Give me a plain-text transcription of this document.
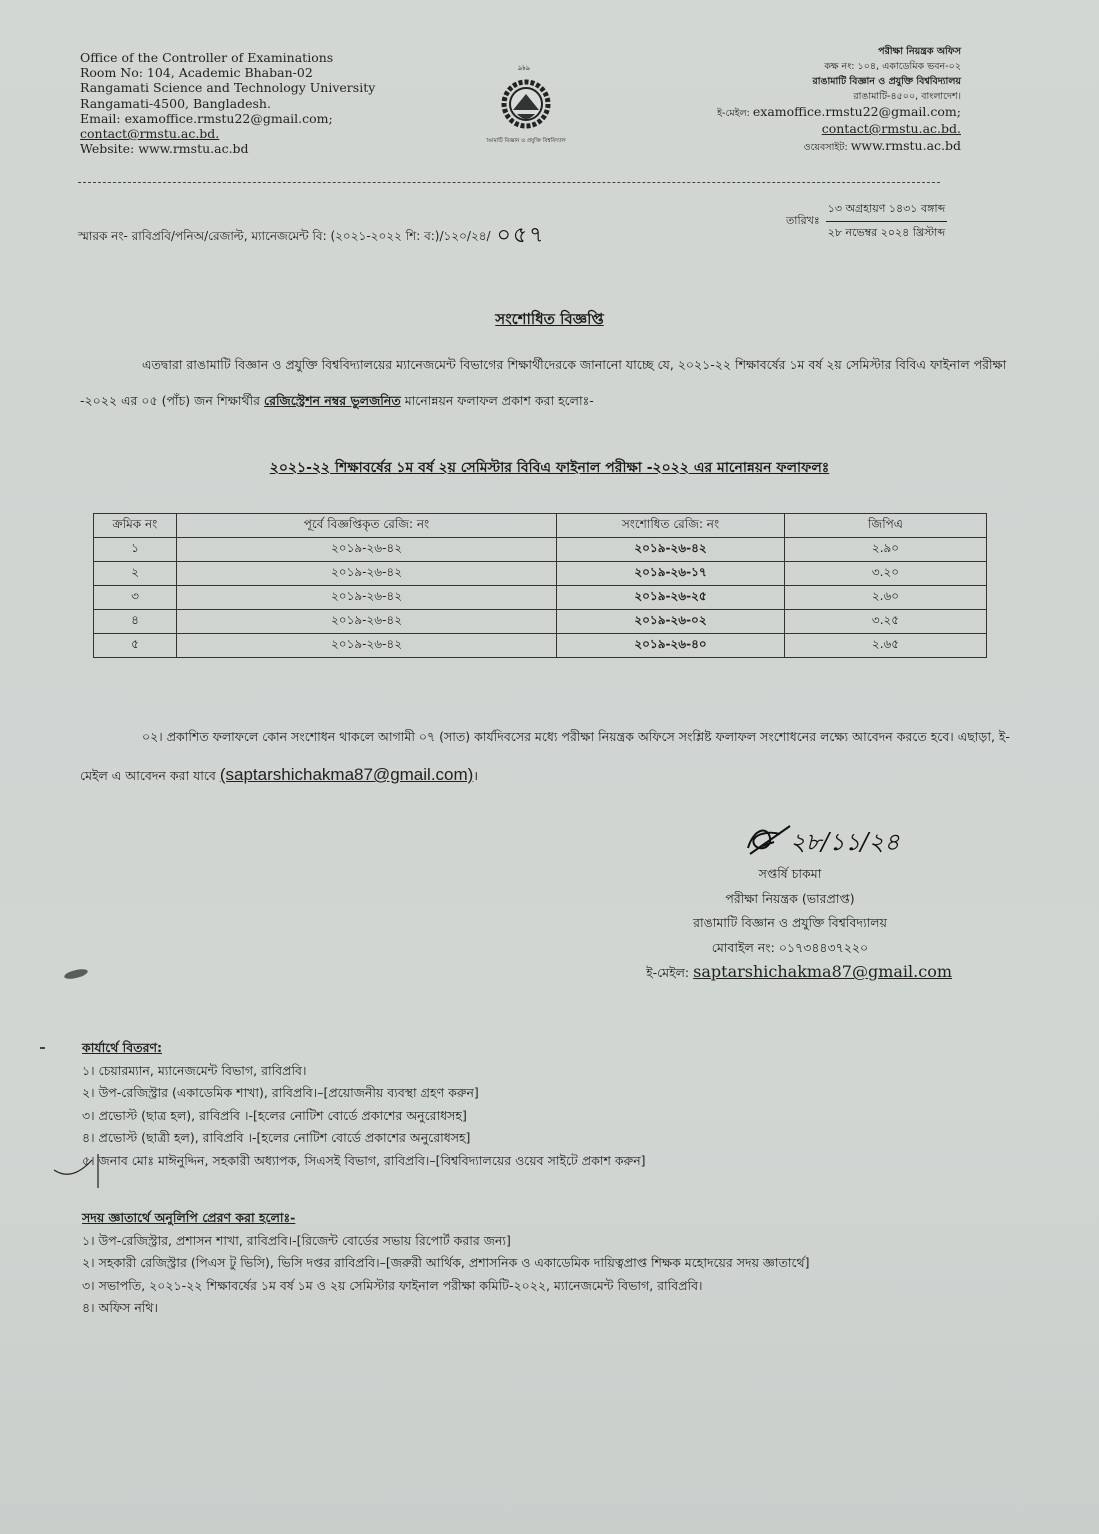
Office of the Controller of Examinations
Room No: 104, Academic Bhaban-02
Rangamati Science and Technology University
Rangamati-4500, Bangladesh.
Email: examoffice.rmstu22@gmail.com;
contact@rmstu.ac.bd.
Website: www.rmstu.ac.bd
ঌ৳ঌ
রাঙামাটি বিজ্ঞান ও প্রযুক্তি বিশ্ববিদ্যালয়
পরীক্ষা নিয়ন্ত্রক অফিস
কক্ষ নং: ১০৪, একাডেমিক ভবন-০২
রাঙামাটি বিজ্ঞান ও প্রযুক্তি বিশ্ববিদ্যালয়
রাঙামাটি-৪৫০০, বাংলাদেশ।
ই-মেইল: examoffice.rmstu22@gmail.com;
contact@rmstu.ac.bd.
ওয়েবসাইট: www.rmstu.ac.bd
স্মারক নং- রাবিপ্রবি/পনিঅ/রেজাল্ট, ম্যানেজমেন্ট বি: (২০২১-২০২২ শি: ব:)/১২০/২৪/ ০৫৭
তারিখঃ $\frac{\text{১৩ অগ্রহায়ণ ১৪৩১ বঙ্গাব্দ}}{\text{২৮ নভেম্বর ২০২৪ খ্রিস্টাব্দ}}$
সংশোধিত বিজ্ঞপ্তি
এতদ্বারা রাঙামাটি বিজ্ঞান ও প্রযুক্তি বিশ্ববিদ্যালয়ের ম্যানেজমেন্ট বিভাগের শিক্ষার্থীদেরকে জানানো যাচ্ছে যে, ২০২১-২২ শিক্ষাবর্ষের ১ম বর্ষ ২য় সেমিস্টার বিবিএ ফাইনাল পরীক্ষা -২০২২ এর ০৫ (পাঁচ) জন শিক্ষার্থীর রেজিস্ট্রেশন নম্বর ভুলজনিত মানোন্নয়ন ফলাফল প্রকাশ করা হলোঃ-
২০২১-২২ শিক্ষাবর্ষের ১ম বর্ষ ২য় সেমিস্টার বিবিএ ফাইনাল পরীক্ষা -২০২২ এর মানোন্নয়ন ফলাফলঃ
ক্রমিক নং	পূর্বে বিজ্ঞপ্তিকৃত রেজি: নং	সংশোধিত রেজি: নং	জিপিএ
১	২০১৯-২৬-৪২	২০১৯-২৬-৪২	২.৯০
২	২০১৯-২৬-৪২	২০১৯-২৬-১৭	৩.২০
৩	২০১৯-২৬-৪২	২০১৯-২৬-২৫	২.৬০
৪	২০১৯-২৬-৪২	২০১৯-২৬-০২	৩.২৫
৫	২০১৯-২৬-৪২	২০১৯-২৬-৪০	২.৬৫
০২। প্রকাশিত ফলাফলে কোন সংশোধন থাকলে আগামী ০৭ (সাত) কার্যদিবসের মধ্যে পরীক্ষা নিয়ন্ত্রক অফিসে সংশ্লিষ্ট ফলাফল সংশোধনের লক্ষ্যে আবেদন করতে হবে। এছাড়া, ই-মেইল এ আবেদন করা যাবে (saptarshichakma87@gmail.com)।
২৮/১১/২৪
সপ্তর্ষি চাকমা
পরীক্ষা নিয়ন্ত্রক (ভারপ্রাপ্ত)
রাঙামাটি বিজ্ঞান ও প্রযুক্তি বিশ্ববিদ্যালয়
মোবাইল নং: ০১৭৩৪৪৩৭২২০
ই-মেইল: saptarshichakma87@gmail.com
কার্যার্থে বিতরণ:
১। চেয়ারম্যান, ম্যানেজমেন্ট বিভাগ, রাবিপ্রবি।
২। উপ-রেজিস্ট্রার (একাডেমিক শাখা), রাবিপ্রবি।–[প্রয়োজনীয় ব্যবস্থা গ্রহণ করুন]
৩। প্রভোস্ট (ছাত্র হল), রাবিপ্রবি ।-[হলের নোটিশ বোর্ডে প্রকাশের অনুরোধসহ]
৪। প্রভোস্ট (ছাত্রী হল), রাবিপ্রবি ।-[হলের নোটিশ বোর্ডে প্রকাশের অনুরোধসহ]
৫। জনাব মোঃ মাঈনুদ্দিন, সহকারী অধ্যাপক, সিএসই বিভাগ, রাবিপ্রবি।–[বিশ্ববিদ্যালয়ের ওয়েব সাইটে প্রকাশ করুন]
সদয় জ্ঞাতার্থে অনুলিপি প্রেরণ করা হলোঃ-
১। উপ-রেজিস্ট্রার, প্রশাসন শাখা, রাবিপ্রবি।-[রিজেন্ট বোর্ডের সভায় রিপোর্ট করার জন্য]
২। সহকারী রেজিস্ট্রার (পিএস টু ভিসি), ভিসি দপ্তর রাবিপ্রবি।–[জরুরী আর্থিক, প্রশাসনিক ও একাডেমিক দায়িত্বপ্রাপ্ত শিক্ষক মহোদয়ের সদয় জ্ঞাতার্থে]
৩। সভাপতি, ২০২১-২২ শিক্ষাবর্ষের ১ম বর্ষ ১ম ও ২য় সেমিস্টার ফাইনাল পরীক্ষা কমিটি-২০২২, ম্যানেজমেন্ট বিভাগ, রাবিপ্রবি।
৪। অফিস নথি।
